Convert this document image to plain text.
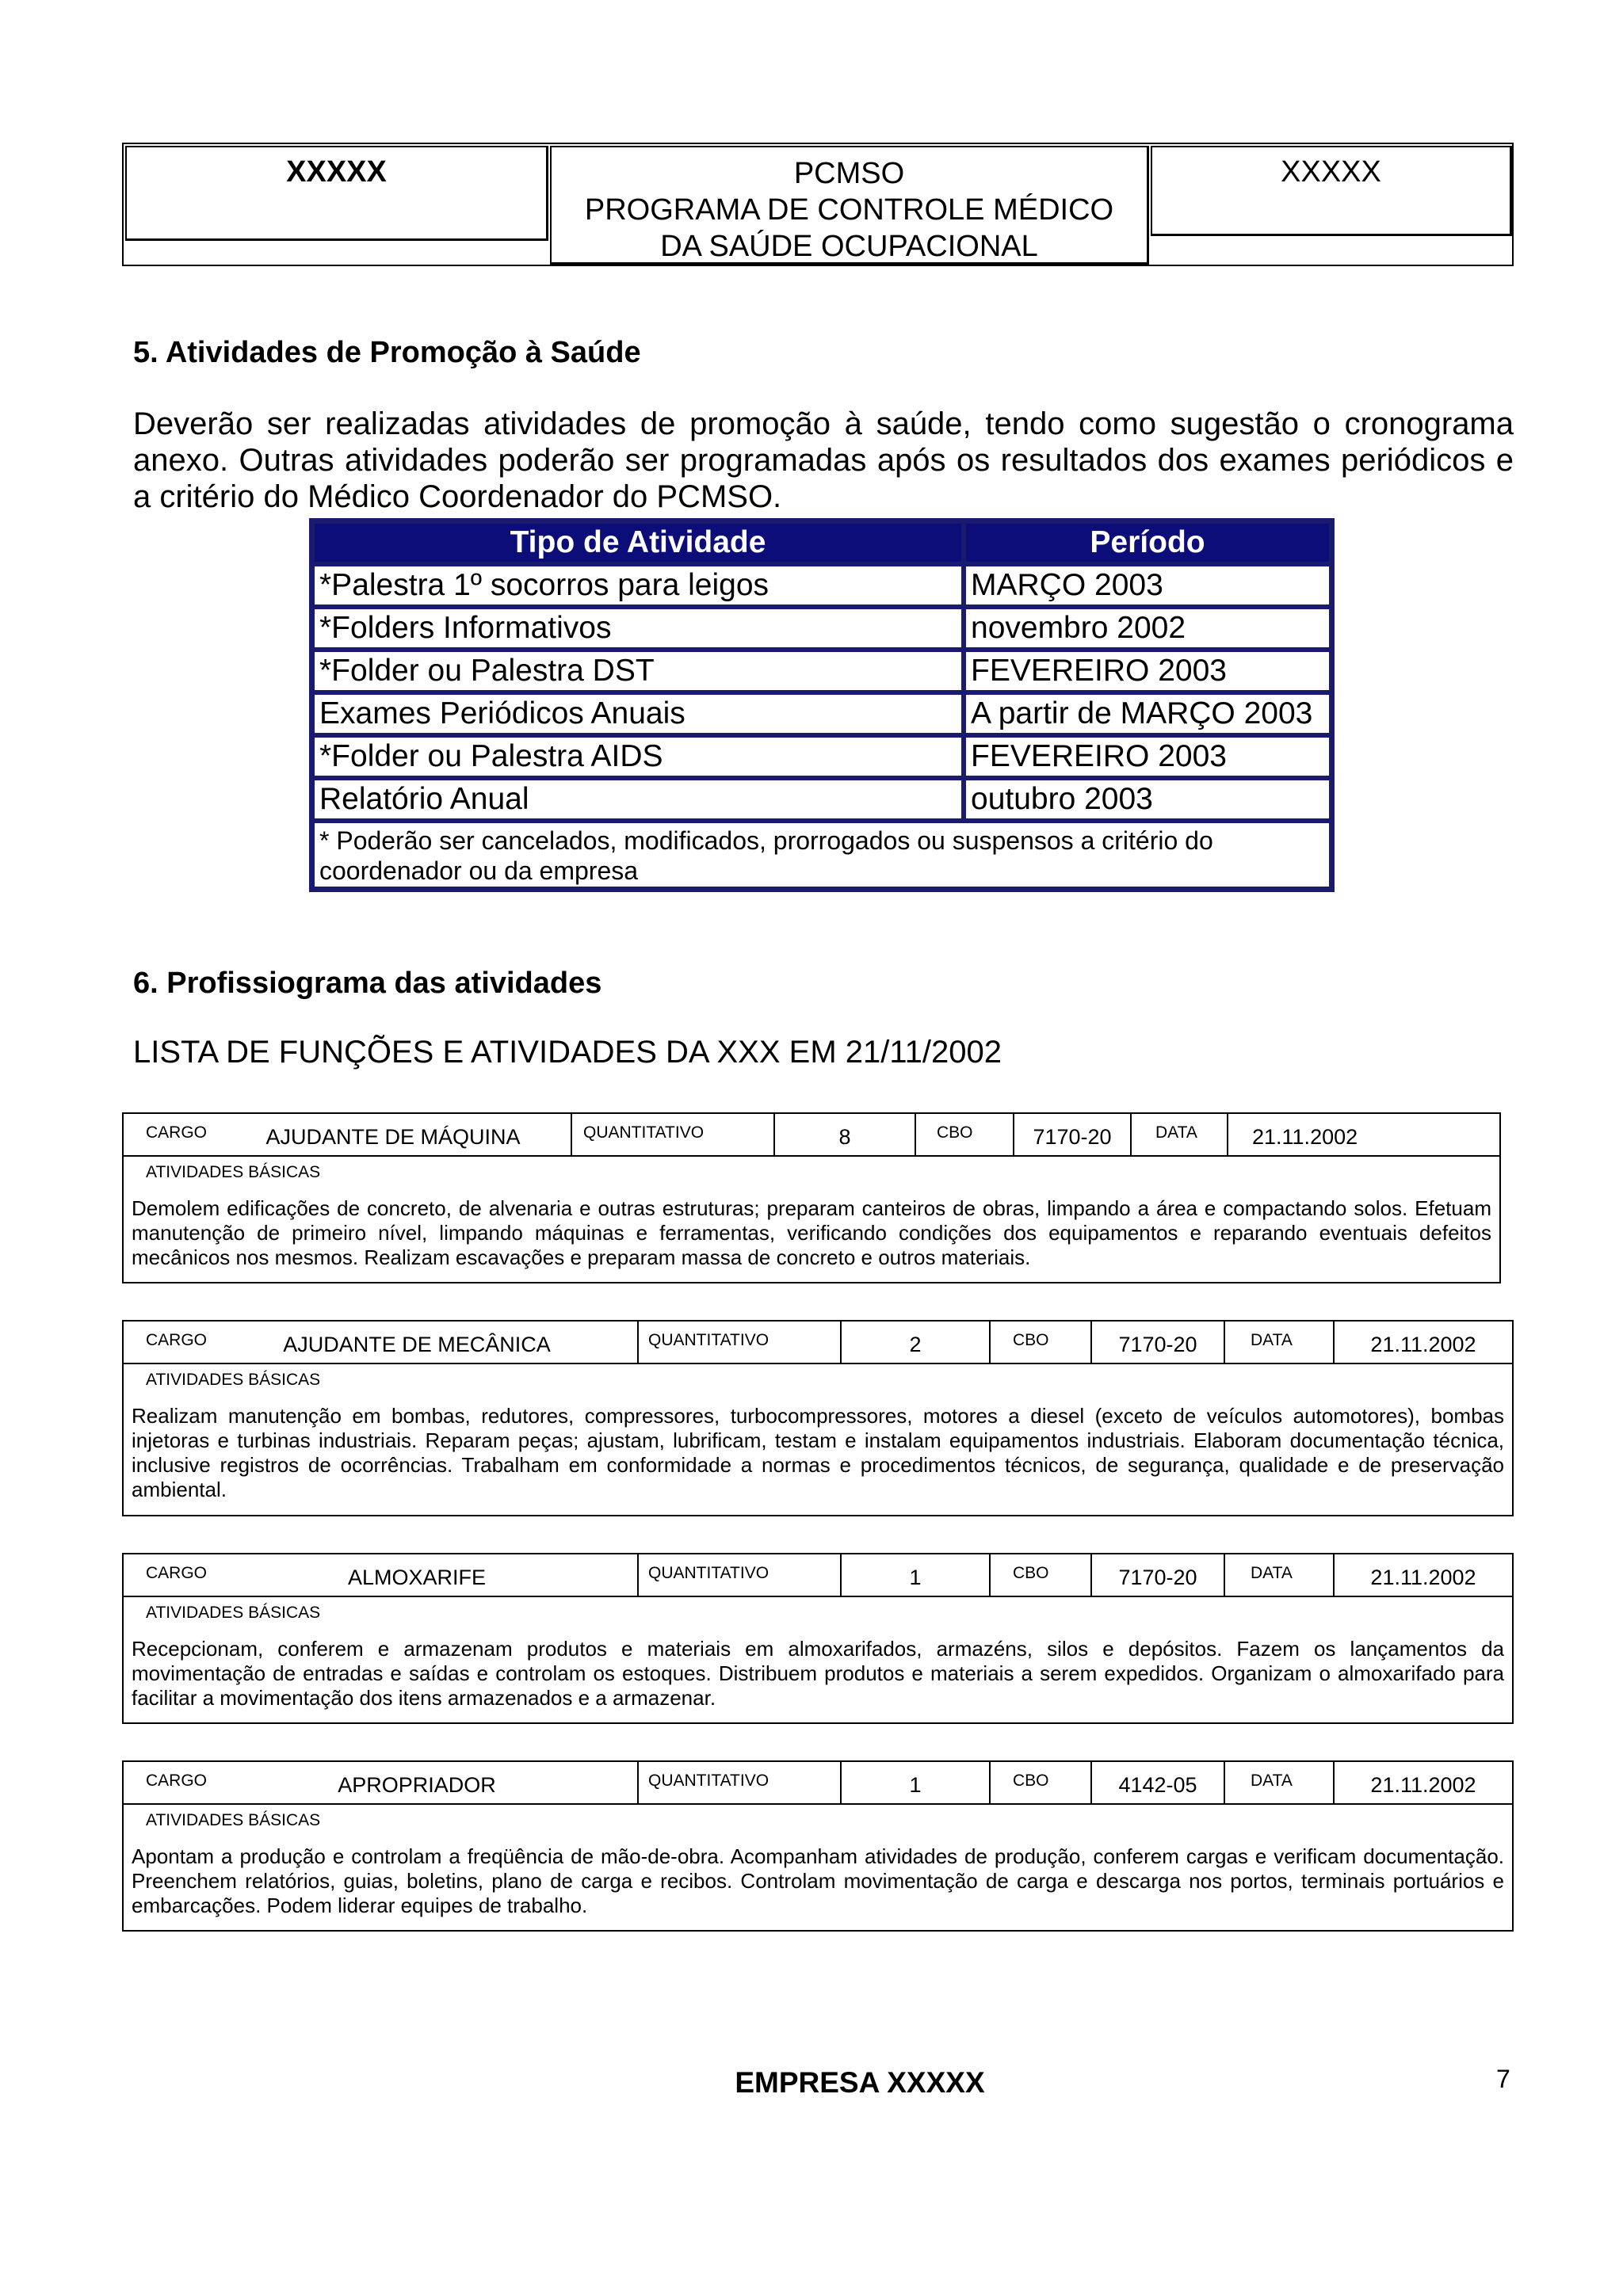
XXXXX	PCMSO
PROGRAMA DE CONTROLE MÉDICO
DA SAÚDE OCUPACIONAL
XXXXX
5. Atividades de Promoção à Saúde
Deverão ser realizadas atividades de promoção à saúde, tendo como sugestão o cronograma anexo. Outras atividades poderão ser programadas após os resultados dos exames periódicos e a critério do Médico Coordenador do PCMSO.
Tipo de Atividade	Período
*Palestra 1º socorros para leigos	MARÇO 2003
*Folders Informativos	novembro 2002
*Folder ou Palestra DST	FEVEREIRO 2003
Exames Periódicos Anuais	A partir de MARÇO 2003
*Folder ou Palestra AIDS	FEVEREIRO 2003
Relatório Anual	outubro 2003
* Poderão ser cancelados, modificados, prorrogados ou suspensos a critério do coordenador ou da empresa	
6. Profissiograma das atividades
LISTA DE FUNÇÕES E ATIVIDADES DA XXX EM 21/11/2002
CARGO	AJUDANTE DE MÁQUINA	QUANTITATIVO	8	CBO	7170-20	DATA	21.11.2002
ATIVIDADES BÁSICAS
Demolem edificações de concreto, de alvenaria e outras estruturas; preparam canteiros de obras, limpando a área e compactando solos. Efetuam manutenção de primeiro nível, limpando máquinas e ferramentas, verificando condições dos equipamentos e reparando eventuais defeitos mecânicos nos mesmos. Realizam escavações e preparam massa de concreto e outros materiais.
CARGO	AJUDANTE DE MECÂNICA	QUANTITATIVO	2	CBO	7170-20	DATA	21.11.2002
ATIVIDADES BÁSICAS
Realizam manutenção em bombas, redutores, compressores, turbocompressores, motores a diesel (exceto de veículos automotores), bombas injetoras e turbinas industriais. Reparam peças; ajustam, lubrificam, testam e instalam equipamentos industriais. Elaboram documentação técnica, inclusive registros de ocorrências. Trabalham em conformidade a normas e procedimentos técnicos, de segurança, qualidade e de preservação ambiental.
CARGO	ALMOXARIFE	QUANTITATIVO	1	CBO	7170-20	DATA	21.11.2002
ATIVIDADES BÁSICAS
Recepcionam, conferem e armazenam produtos e materiais em almoxarifados, armazéns, silos e depósitos. Fazem os lançamentos da movimentação de entradas e saídas e controlam os estoques. Distribuem produtos e materiais a serem expedidos. Organizam o almoxarifado para facilitar a movimentação dos itens armazenados e a armazenar.
CARGO	APROPRIADOR	QUANTITATIVO	1	CBO	4142-05	DATA	21.11.2002
ATIVIDADES BÁSICAS
Apontam a produção e controlam a freqüência de mão-de-obra. Acompanham atividades de produção, conferem cargas e verificam documentação. Preenchem relatórios, guias, boletins, plano de carga e recibos. Controlam movimentação de carga e descarga nos portos, terminais portuários e embarcações. Podem liderar equipes de trabalho.
EMPRESA XXXXX	7
